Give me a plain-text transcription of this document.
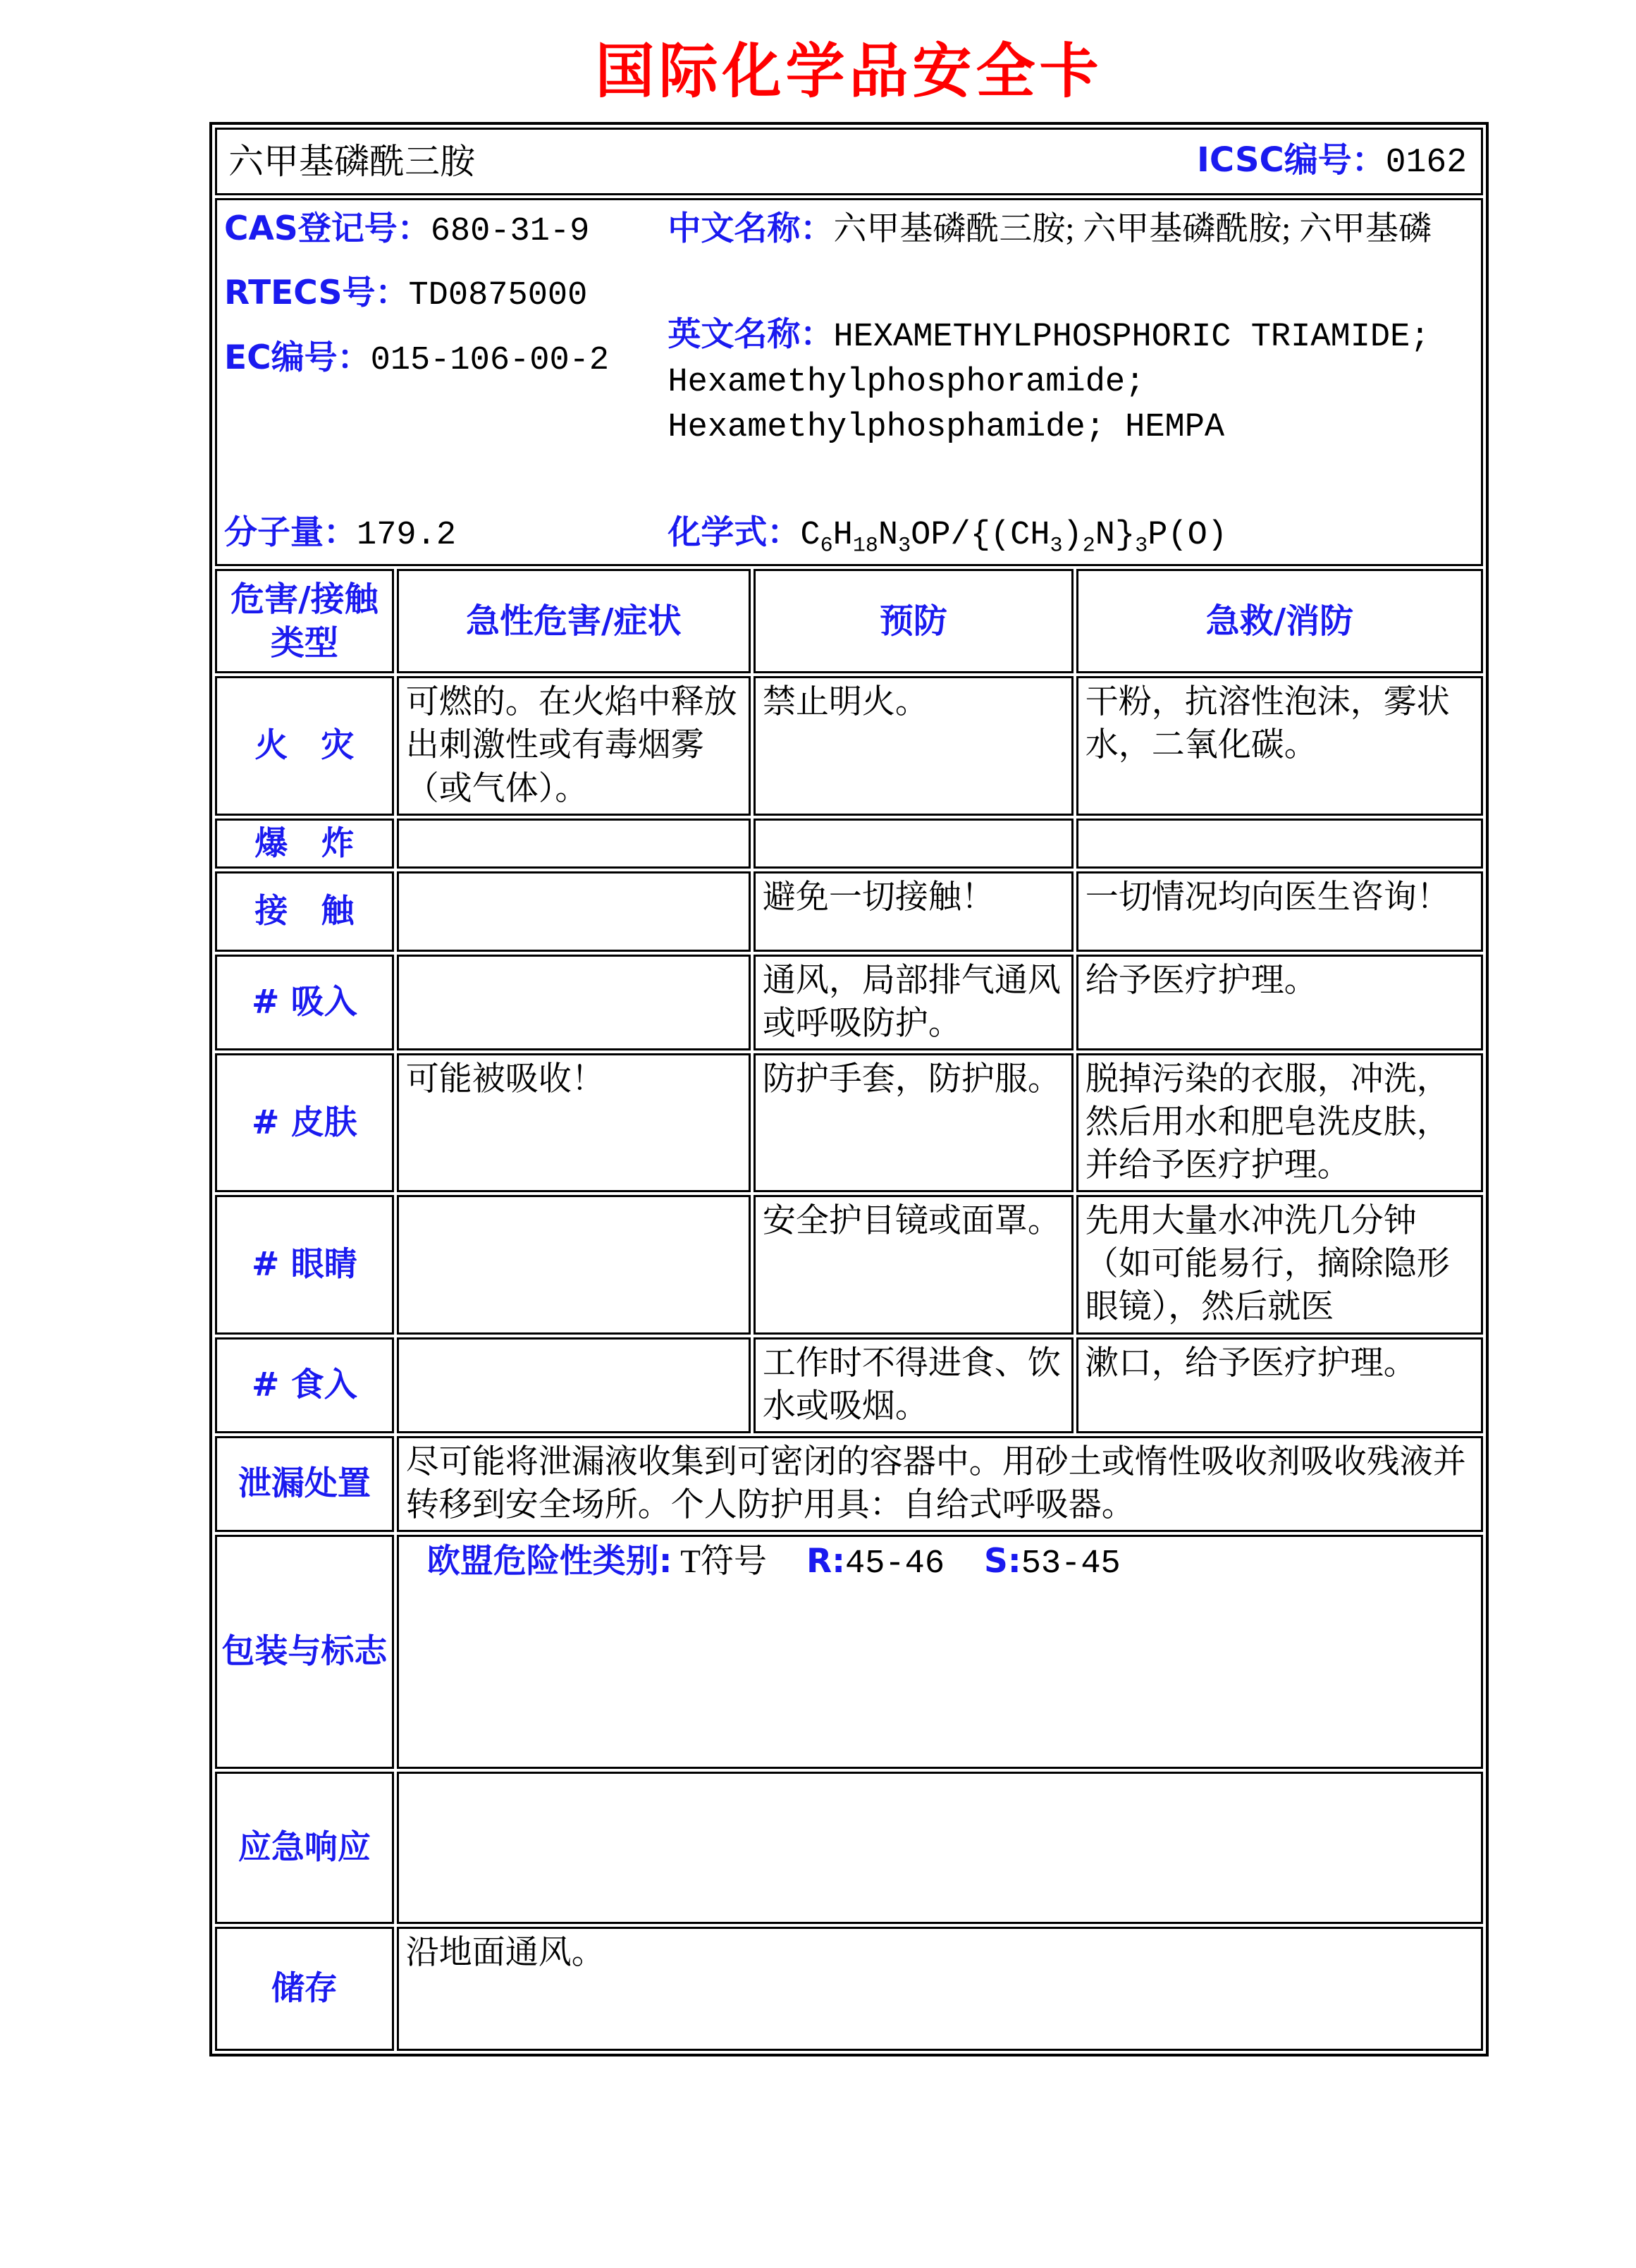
国际化学品安全卡
六甲基磷酰三胺 ICSC编号：0162			

CAS登记号：680-31-9
RTECS号：TD0875000
EC编号：015-106-00-2
分子量：179.2
中文名称：六甲基磷酰三胺; 六甲基磷酰胺; 六甲基磷
英文名称：HEXAMETHYLPHOSPHORIC TRIAMIDE; Hexamethylphosphoramide; Hexamethylphosphamide; HEMPA
化学式：$C_6H_{18}N_3OP/\{(CH_3)_2N\}_3P(O)$

危害/接触 类型	急性危害/症状	预防	急救/消防
火　灾	可燃的。在火焰中释放出刺激性或有毒烟雾（或气体）。	禁止明火。	干粉，抗溶性泡沫，雾状水，二氧化碳。
爆　炸			
接　触		避免一切接触！	一切情况均向医生咨询！
# 吸入		通风，局部排气通风或呼吸防护。	给予医疗护理。
# 皮肤	可能被吸收！	防护手套，防护服。	脱掉污染的衣服，冲洗，然后用水和肥皂洗皮肤，并给予医疗护理。
# 眼睛		安全护目镜或面罩。	先用大量水冲洗几分钟（如可能易行，摘除隐形眼镜），然后就医
# 食入		工作时不得进食、饮水或吸烟。	漱口，给予医疗护理。
泄漏处置	尽可能将泄漏液收集到可密闭的容器中。用砂土或惰性吸收剂吸收残液并转移到安全场所。个人防护用具：自给式呼吸器。		
包装与标志	欧盟危险性类别: T符号 R:45-46 S:53-45		

应急响应			
储存	沿地面通风。		
